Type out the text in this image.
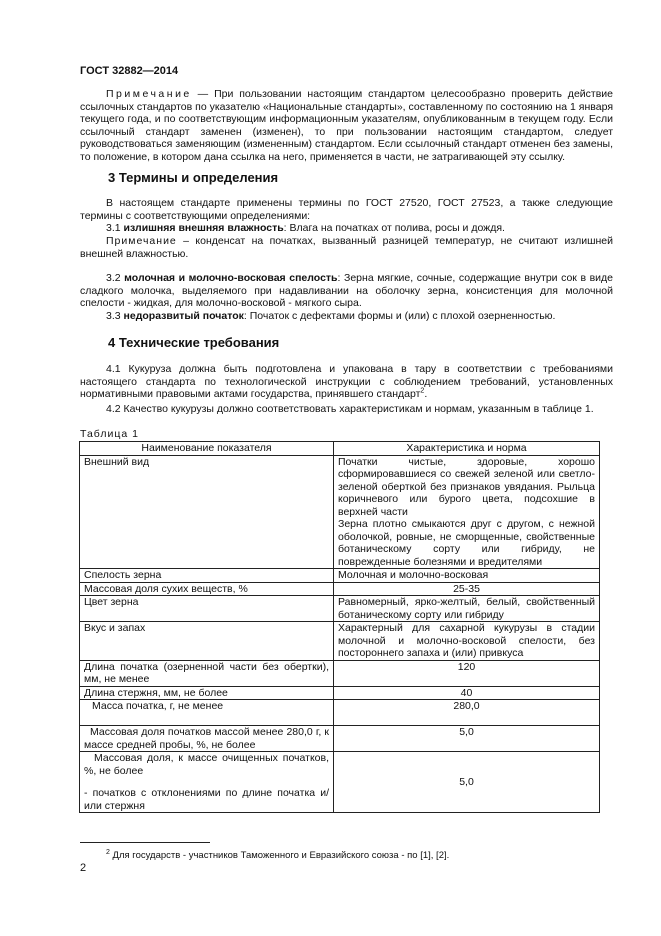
ГОСТ 32882—2014
Примечание — При пользовании настоящим стандартом целесообразно проверить действие ссылочных стандартов по указателю «Национальные стандарты», составленному по состоянию на 1 января текущего года, и по соответствующим информационным указателям, опубликованным в текущем году. Если ссылочный стандарт заменен (изменен), то при пользовании настоящим стандартом, следует руководствоваться заменяющим (измененным) стандартом. Если ссылочный стандарт отменен без замены, то положение, в котором дана ссылка на него, применяется в части, не затрагивающей эту ссылку.
3 Термины и определения
В настоящем стандарте применены термины по ГОСТ 27520, ГОСТ 27523, а также следующие термины с соответствующими определениями:
3.1 излишняя внешняя влажность: Влага на початках от полива, росы и дождя.
Примечание – конденсат на початках, вызванный разницей температур, не считают излишней внешней влажностью.
3.2 молочная и молочно-восковая спелость: Зерна мягкие, сочные, содержащие внутри сок в виде сладкого молочка, выделяемого при надавливании на оболочку зерна, консистенция для молочной спелости - жидкая, для молочно-восковой - мягкого сыра.
3.3 недоразвитый початок: Початок с дефектами формы и (или) с плохой озерненностью.
4 Технические требования
4.1 Кукуруза должна быть подготовлена и упакована в тару в соответствии с требованиями настоящего стандарта по технологической инструкции с соблюдением требований, установленных нормативными правовыми актами государства, принявшего стандарт$^2$.
4.2 Качество кукурузы должно соответствовать характеристикам и нормам, указанным в таблице 1.
Таблица 1
Наименование показателя	Характеристика и норма
Внешний вид	Початки чистые, здоровые, хорошо сформировавшиеся со свежей зеленой или светло-зеленой оберткой без признаков увядания. Рыльца коричневого или бурого цвета, подсохшие в верхней части
Зерна плотно смыкаются друг с другом, с нежной оболочкой, ровные, не сморщенные, свойственные ботаническому сорту или гибриду, не поврежденные болезнями и вредителями

Спелость зерна	Молочная и молочно-восковая
Массовая доля сухих веществ, %	25-35
Цвет зерна	Равномерный, ярко-желтый, белый, свойственный ботаническому сорту или гибриду
Вкус и запах	Характерный для сахарной кукурузы в стадии молочной и молочно-восковой спелости, без постороннего запаха и (или) привкуса
Длина початка (озерненной части без обертки), мм, не менее	120
Длина стержня, мм, не более	40
Масса початка, г, не менее	280,0
Массовая доля початков массой менее 280,0 г, к массе средней пробы, %, не более	5,0

Массовая доля, к массе очищенных початков, %, не более
- початков с отклонениями по длине початка и/или стержня	5,0
$^2$ Для государств - участников Таможенного и Евразийского союза - по [1], [2].
2
